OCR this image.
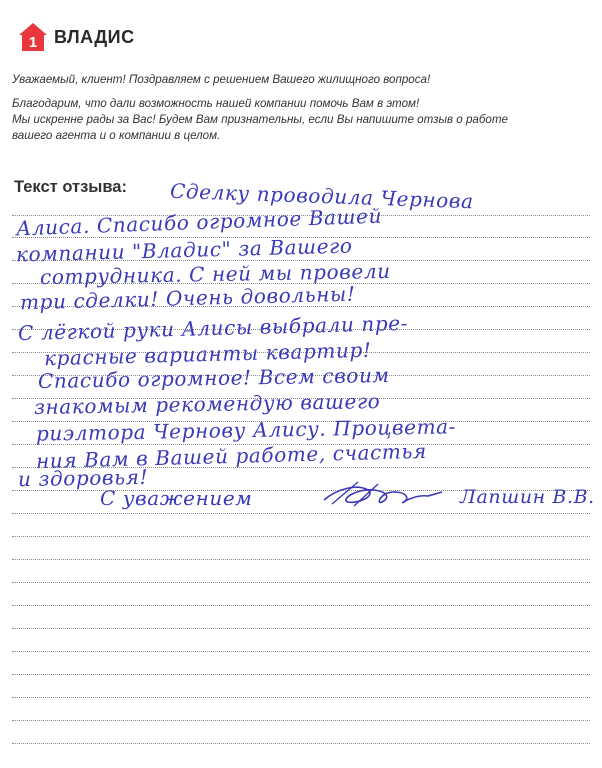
1 ВЛАДИС

Уважаемый, клиент! Поздравляем с решением Вашего жилищного вопроса!

Благодарим, что дали возможность нашей компании помочь Вам в этом!

Мы искренне рады за Вас! Будем Вам признательны, если Вы напишите отзыв о работе

вашего агента и о компании в целом.

Текст отзыва: Сделку проводила Чернова
Алиса. Спасибо огромное Вашей
компании "Владис" за Вашего
сотрудника. С ней мы провели
три сделки! Очень довольны!
С лёгкой руки Алисы выбрали пре-
красные варианты квартир!
Спасибо огромное! Всем своим
знакомым рекомендую вашего
риэлтора Чернову Алису. Процвета-
ния Вам в Вашей работе, счастья
и здоровья!
С уважением	Лапшин В.В.
